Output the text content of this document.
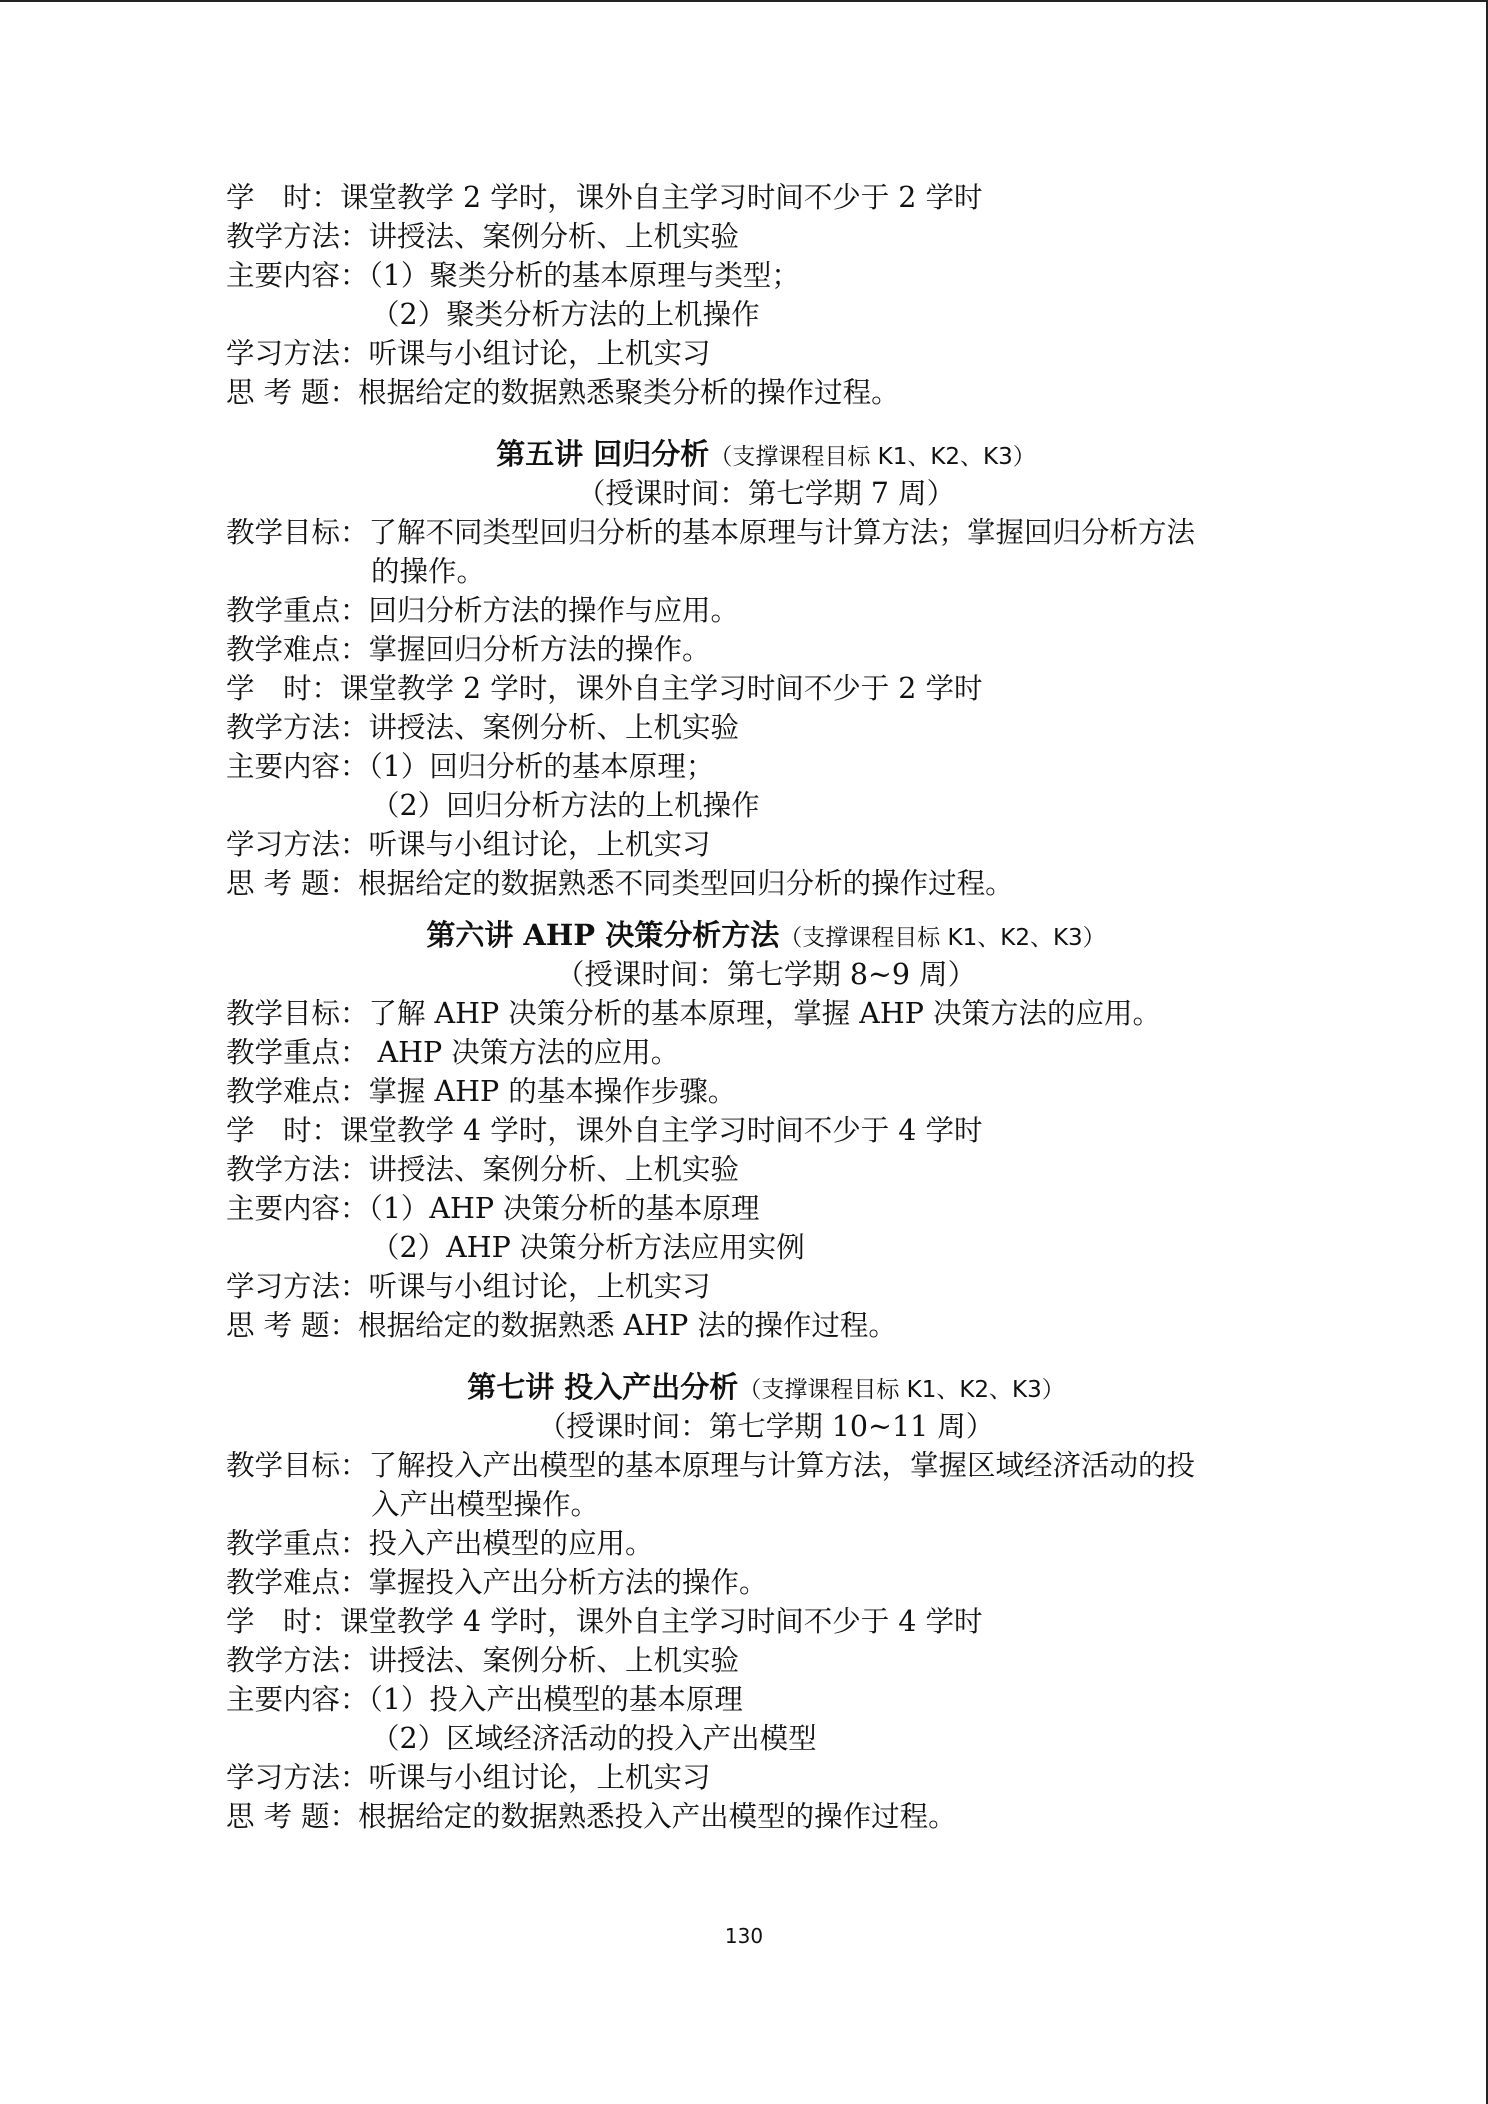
学　时：课堂教学 2 学时，课外自主学习时间不少于 2 学时
教学方法：讲授法、案例分析、上机实验
主要内容：（1）聚类分析的基本原理与类型；
（2）聚类分析方法的上机操作
学习方法：听课与小组讨论，上机实习
思 考 题：根据给定的数据熟悉聚类分析的操作过程。
第五讲 回归分析（支撑课程目标 K1、K2、K3）
（授课时间：第七学期 7 周）
教学目标：了解不同类型回归分析的基本原理与计算方法；掌握回归分析方法
的操作。
教学重点：回归分析方法的操作与应用。
教学难点：掌握回归分析方法的操作。
学　时：课堂教学 2 学时，课外自主学习时间不少于 2 学时
教学方法：讲授法、案例分析、上机实验
主要内容：（1）回归分析的基本原理；
（2）回归分析方法的上机操作
学习方法：听课与小组讨论，上机实习
思 考 题：根据给定的数据熟悉不同类型回归分析的操作过程。
第六讲 AHP 决策分析方法（支撑课程目标 K1、K2、K3）
（授课时间：第七学期 8~9 周）
教学目标：了解 AHP 决策分析的基本原理，掌握 AHP 决策方法的应用。
教学重点： AHP 决策方法的应用。
教学难点：掌握 AHP 的基本操作步骤。
学　时：课堂教学 4 学时，课外自主学习时间不少于 4 学时
教学方法：讲授法、案例分析、上机实验
主要内容：（1）AHP 决策分析的基本原理
（2）AHP 决策分析方法应用实例
学习方法：听课与小组讨论，上机实习
思 考 题：根据给定的数据熟悉 AHP 法的操作过程。
第七讲 投入产出分析（支撑课程目标 K1、K2、K3）
（授课时间：第七学期 10~11 周）
教学目标：了解投入产出模型的基本原理与计算方法，掌握区域经济活动的投
入产出模型操作。
教学重点：投入产出模型的应用。
教学难点：掌握投入产出分析方法的操作。
学　时：课堂教学 4 学时，课外自主学习时间不少于 4 学时
教学方法：讲授法、案例分析、上机实验
主要内容：（1）投入产出模型的基本原理
（2）区域经济活动的投入产出模型
学习方法：听课与小组讨论，上机实习
思 考 题：根据给定的数据熟悉投入产出模型的操作过程。
130
